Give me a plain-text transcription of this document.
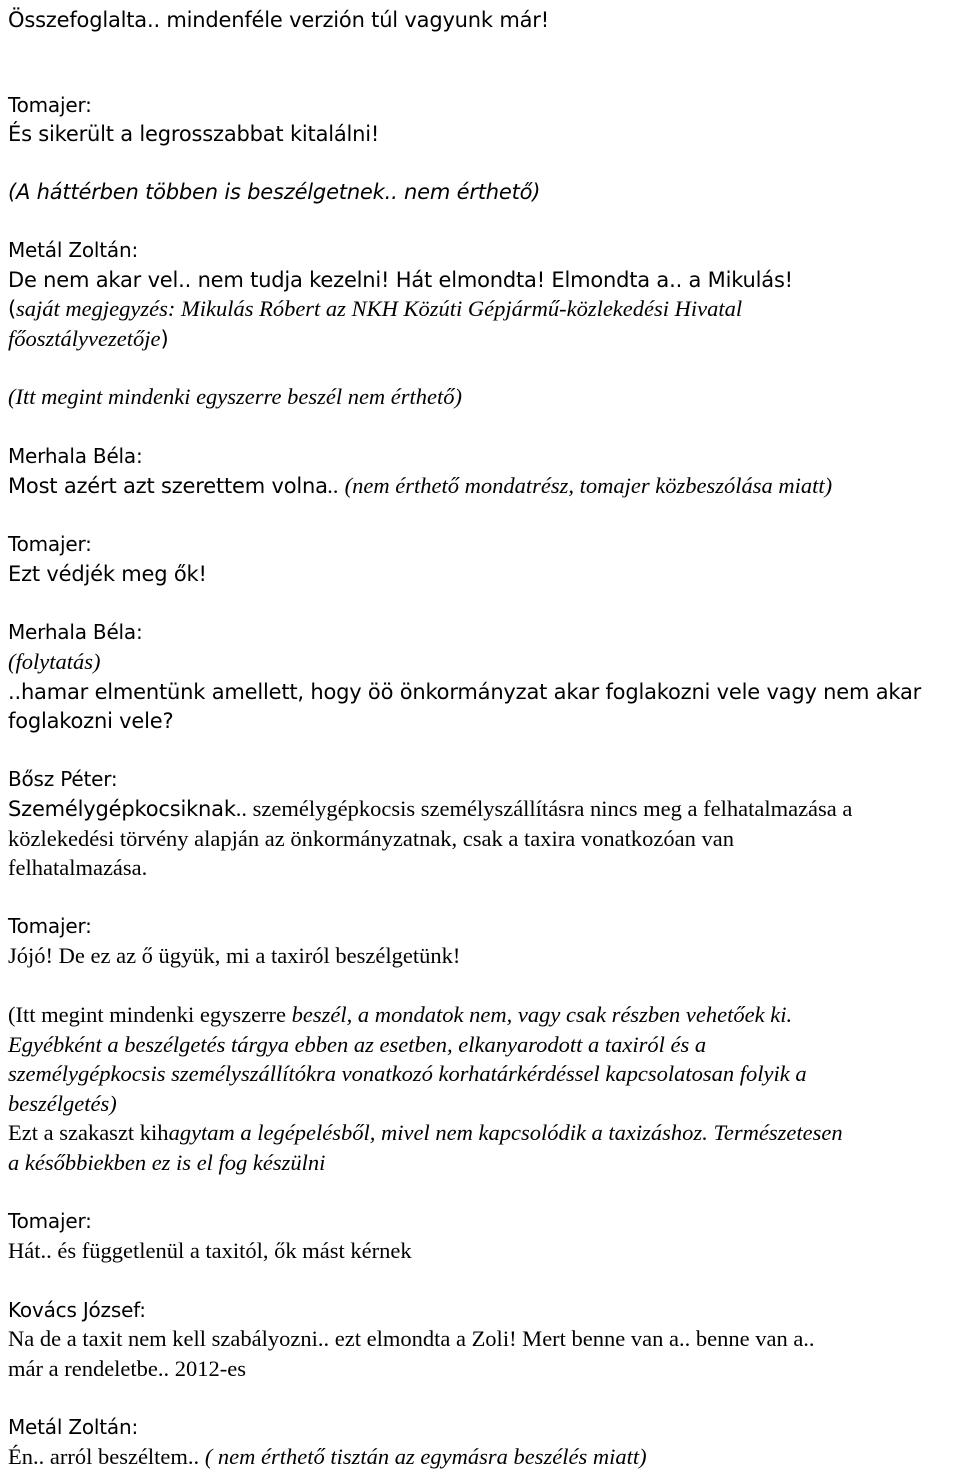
Összefoglalta.. mindenféle verzión túl vagyunk már!
Tomajer:
És sikerült a legrosszabbat kitalálni!
(A háttérben többen is beszélgetnek.. nem érthető)
Metál Zoltán:
De nem akar vel.. nem tudja kezelni! Hát elmondta! Elmondta a.. a Mikulás!
(saját megjegyzés: Mikulás Róbert az NKH Közúti Gépjármű-közlekedési Hivatal
főosztályvezetője)
(Itt megint mindenki egyszerre beszél nem érthető)
Merhala Béla:
Most azért azt szerettem volna.. (nem érthető mondatrész, tomajer közbeszólása miatt)
Tomajer:
Ezt védjék meg ők!
Merhala Béla:
(folytatás)
..hamar elmentünk amellett, hogy öö önkormányzat akar foglakozni vele vagy nem akar
foglakozni vele?
Bősz Péter:
Személygépkocsiknak.. személygépkocsis személyszállításra nincs meg a felhatalmazása a
közlekedési törvény alapján az önkormányzatnak, csak a taxira vonatkozóan van
felhatalmazása.
Tomajer:
Jójó! De ez az ő ügyük, mi a taxiról beszélgetünk!
(Itt megint mindenki egyszerre beszél, a mondatok nem, vagy csak részben vehetőek ki.
Egyébként a beszélgetés tárgya ebben az esetben, elkanyarodott a taxiról és a
személygépkocsis személyszállítókra vonatkozó korhatárkérdéssel kapcsolatosan folyik a
beszélgetés)
Ezt a szakaszt kihagytam a legépelésből, mivel nem kapcsolódik a taxizáshoz. Természetesen
a későbbiekben ez is el fog készülni
Tomajer:
Hát.. és függetlenül a taxitól, ők mást kérnek
Kovács József:
Na de a taxit nem kell szabályozni.. ezt elmondta a Zoli! Mert benne van a.. benne van a..
már a rendeletbe.. 2012-es
Metál Zoltán:
Én.. arról beszéltem.. ( nem érthető tisztán az egymásra beszélés miatt)
